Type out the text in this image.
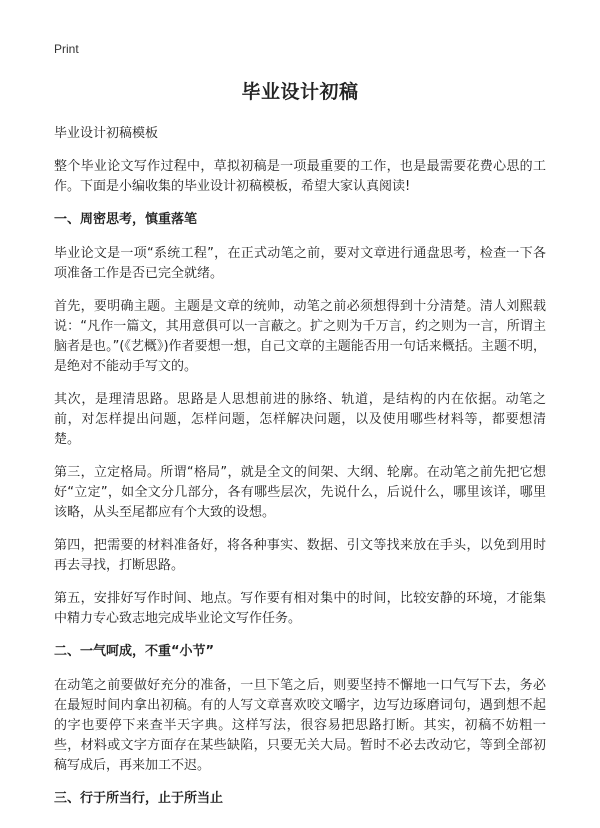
Print
毕业设计初稿
毕业设计初稿模板

整个毕业论文写作过程中，草拟初稿是一项最重要的工作，也是最需要花费心思的工作。下面是小编收集的毕业设计初稿模板，希望大家认真阅读!

一、周密思考，慎重落笔

毕业论文是一项“系统工程”，在正式动笔之前，要对文章进行通盘思考，检查一下各项准备工作是否已完全就绪。

首先，要明确主题。主题是文章的统帅，动笔之前必须想得到十分清楚。清人刘熙载说：“凡作一篇文，其用意俱可以一言蔽之。扩之则为千万言，约之则为一言，所谓主脑者是也。”(《艺概》)作者要想一想，自己文章的主题能否用一句话来概括。主题不明，是绝对不能动手写文的。

其次，是理清思路。思路是人思想前进的脉络、轨道，是结构的内在依据。动笔之前，对怎样提出问题，怎样问题，怎样解决问题，以及使用哪些材料等，都要想清楚。

第三，立定格局。所谓“格局”，就是全文的间架、大纲、轮廓。在动笔之前先把它想好“立定”，如全文分几部分，各有哪些层次，先说什么，后说什么，哪里该详，哪里该略，从头至尾都应有个大致的设想。

第四，把需要的材料准备好，将各种事实、数据、引文等找来放在手头，以免到用时再去寻找，打断思路。

第五，安排好写作时间、地点。写作要有相对集中的时间，比较安静的环境，才能集中精力专心致志地完成毕业论文写作任务。

二、一气呵成，不重“小节”

在动笔之前要做好充分的准备，一旦下笔之后，则要坚持不懈地一口气写下去，务必在最短时间内拿出初稿。有的人写文章喜欢咬文嚼字，边写边琢磨词句，遇到想不起的字也要停下来查半天字典。这样写法，很容易把思路打断。其实，初稿不妨粗一些，材料或文字方面存在某些缺陷，只要无关大局。暂时不必去改动它，等到全部初稿写成后，再来加工不迟。

三、行于所当行，止于所当止
